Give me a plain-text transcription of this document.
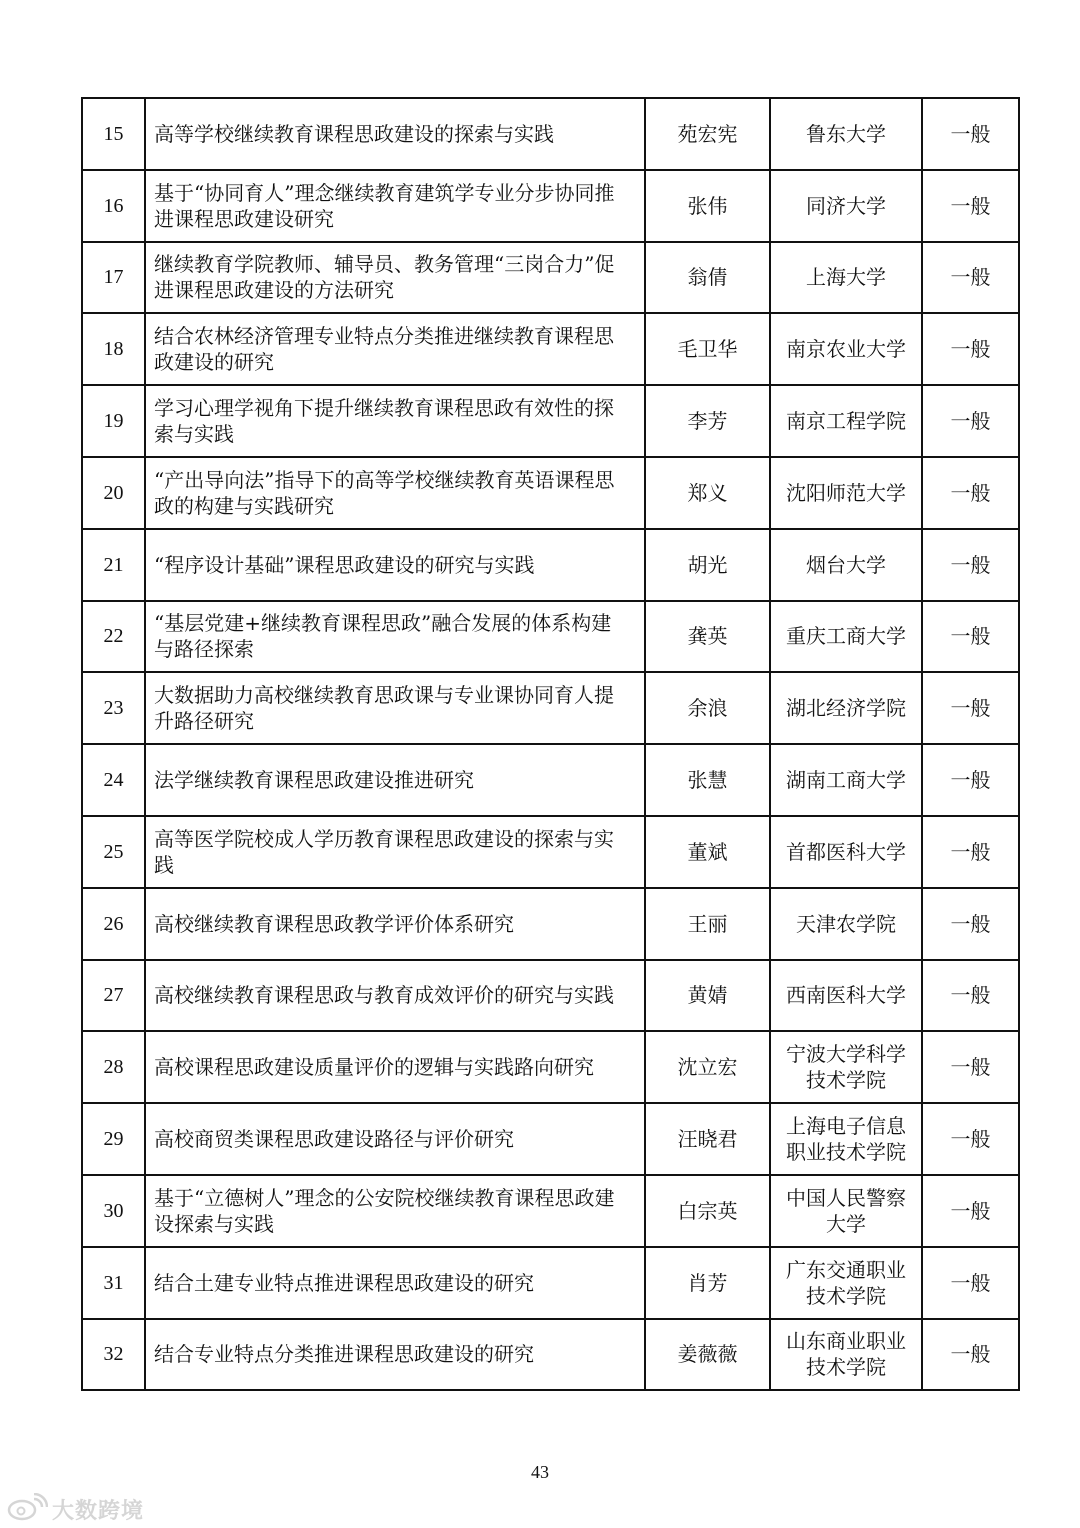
15	高等学校继续教育课程思政建设的探索与实践	苑宏宪	鲁东大学	一般
16	基于“协同育人”理念继续教育建筑学专业分步协同推进课程思政建设研究	张伟	同济大学	一般
17	继续教育学院教师、辅导员、教务管理“三岗合力”促进课程思政建设的方法研究	翁倩	上海大学	一般
18	结合农林经济管理专业特点分类推进继续教育课程思政建设的研究	毛卫华	南京农业大学	一般
19	学习心理学视角下提升继续教育课程思政有效性的探索与实践	李芳	南京工程学院	一般
20	“产出导向法”指导下的高等学校继续教育英语课程思政的构建与实践研究	郑义	沈阳师范大学	一般
21	“程序设计基础”课程思政建设的研究与实践	胡光	烟台大学	一般
22	“基层党建+继续教育课程思政”融合发展的体系构建与路径探索	龚英	重庆工商大学	一般
23	大数据助力高校继续教育思政课与专业课协同育人提升路径研究	余浪	湖北经济学院	一般
24	法学继续教育课程思政建设推进研究	张慧	湖南工商大学	一般
25	高等医学院校成人学历教育课程思政建设的探索与实践	董斌	首都医科大学	一般
26	高校继续教育课程思政教学评价体系研究	王丽	天津农学院	一般
27	高校继续教育课程思政与教育成效评价的研究与实践	黄婧	西南医科大学	一般
28	高校课程思政建设质量评价的逻辑与实践路向研究	沈立宏	宁波大学科学技术学院	一般
29	高校商贸类课程思政建设路径与评价研究	汪晓君	上海电子信息职业技术学院	一般
30	基于“立德树人”理念的公安院校继续教育课程思政建设探索与实践	白宗英	中国人民警察大学	一般
31	结合土建专业特点推进课程思政建设的研究	肖芳	广东交通职业技术学院	一般
32	结合专业特点分类推进课程思政建设的研究	姜薇薇	山东商业职业技术学院	一般
43
大数跨境
